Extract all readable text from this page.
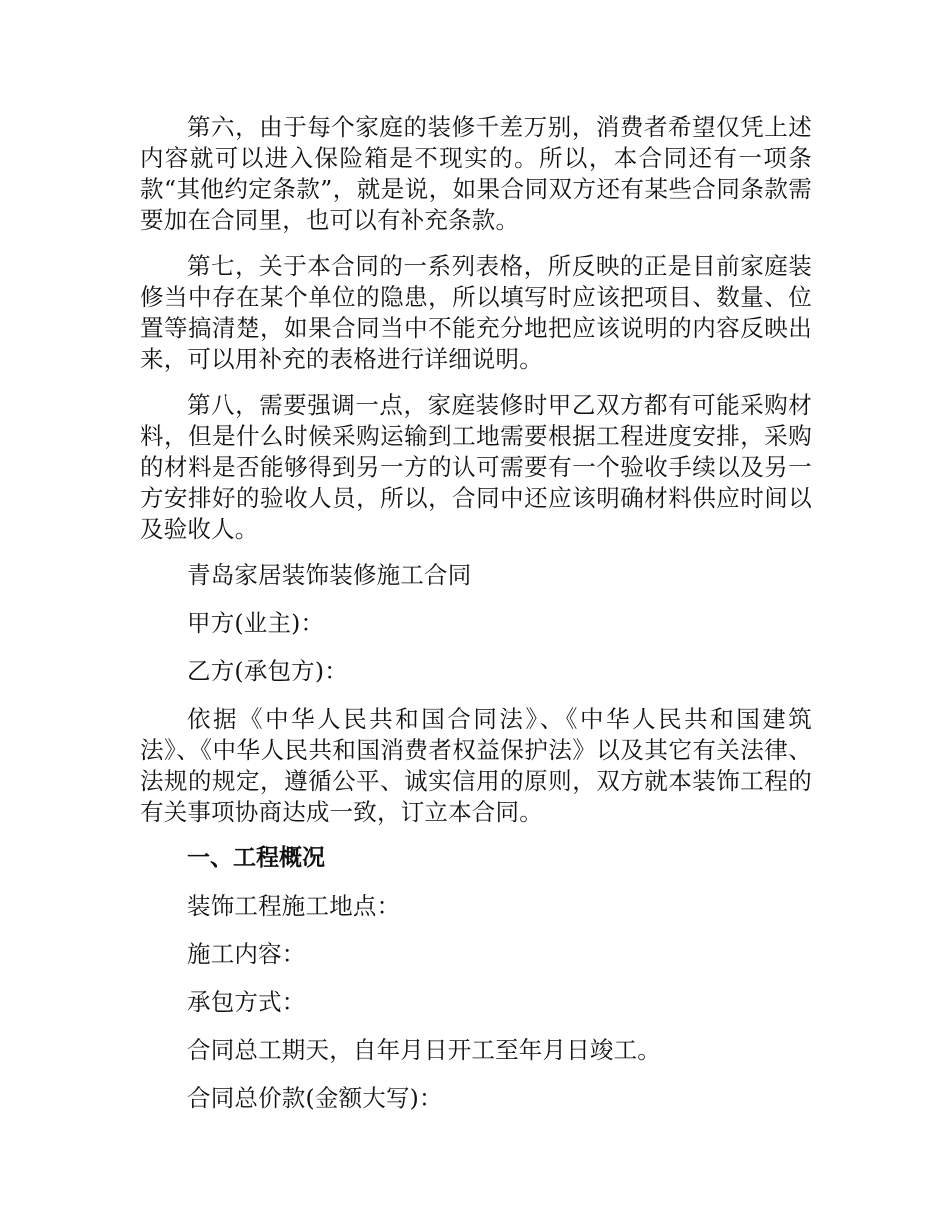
第六，由于每个家庭的装修千差万别，消费者希望仅凭上述内容就可以进入保险箱是不现实的。所以，本合同还有一项条款“其他约定条款”，就是说，如果合同双方还有某些合同条款需要加在合同里，也可以有补充条款。

第七，关于本合同的一系列表格，所反映的正是目前家庭装修当中存在某个单位的隐患，所以填写时应该把项目、数量、位置等搞清楚，如果合同当中不能充分地把应该说明的内容反映出来，可以用补充的表格进行详细说明。

第八，需要强调一点，家庭装修时甲乙双方都有可能采购材料，但是什么时候采购运输到工地需要根据工程进度安排，采购的材料是否能够得到另一方的认可需要有一个验收手续以及另一方安排好的验收人员，所以，合同中还应该明确材料供应时间以及验收人。

青岛家居装饰装修施工合同

甲方(业主)：

乙方(承包方)：

依据《中华人民共和国合同法》、《中华人民共和国建筑法》、《中华人民共和国消费者权益保护法》以及其它有关法律、法规的规定，遵循公平、诚实信用的原则，双方就本装饰工程的有关事项协商达成一致，订立本合同。

一、工程概况

装饰工程施工地点：

施工内容：

承包方式：

合同总工期天，自年月日开工至年月日竣工。

合同总价款(金额大写)：
